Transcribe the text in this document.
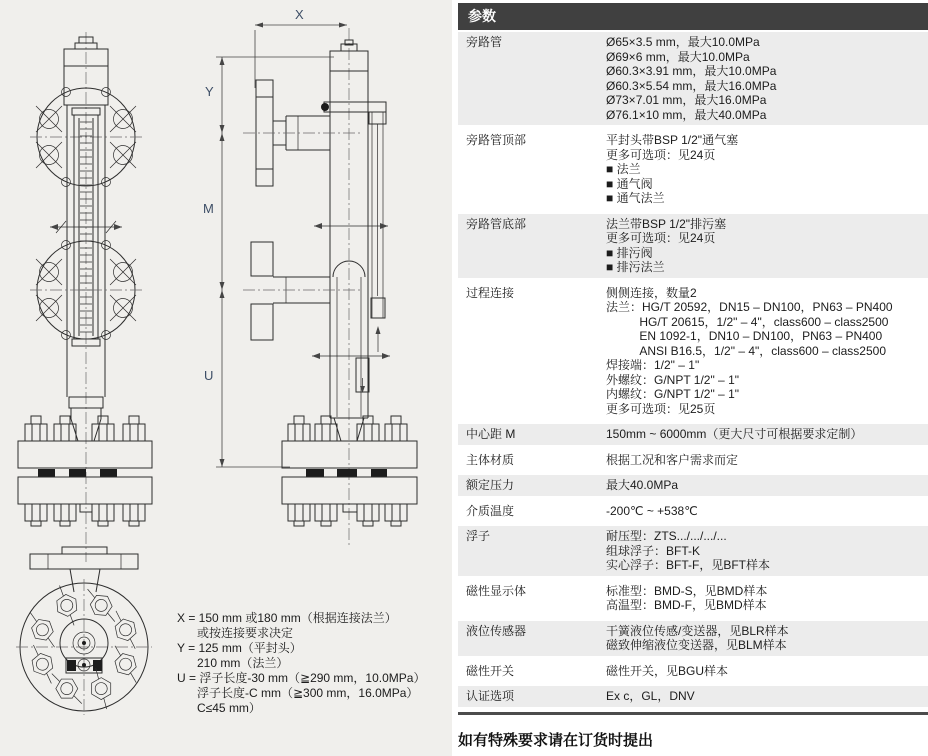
X
Y
M
U
X = 150 mm 或180 mm（根据连接法兰）
或按连接要求决定
Y = 125 mm（平封头）
210 mm（法兰）
U = 浮子长度-30 mm（≧290 mm，10.0MPa）
浮子长度-C mm（≧300 mm，16.0MPa）
C≤45 mm）
参数
旁路管	Ø65×3.5 mm，最大10.0MPa
Ø69×6 mm，最大10.0MPa
Ø60.3×3.91 mm，最大10.0MPa
Ø60.3×5.54 mm，最大16.0MPa
Ø73×7.01 mm，最大16.0MPa
Ø76.1×10 mm，最大40.0MPa
旁路管顶部	平封头带BSP 1/2"通气塞
更多可选项：见24页
■ 法兰
■ 通气阀
■ 通气法兰
旁路管底部	法兰带BSP 1/2"排污塞
更多可选项：见24页
■ 排污阀
■ 排污法兰
过程连接	侧侧连接，数量2
法兰：HG/T 20592，DN15 – DN100，PN63 – PN400
HG/T 20615，1/2" – 4"，class600 – class2500
EN 1092-1，DN10 – DN100，PN63 – PN400
ANSI B16.5，1/2" – 4"，class600 – class2500
焊接端：1/2" – 1"
外螺纹：G/NPT 1/2" – 1"
内螺纹：G/NPT 1/2" – 1"
更多可选项：见25页
中心距 M	150mm ~ 6000mm（更大尺寸可根据要求定制）
主体材质	根据工况和客户需求而定
额定压力	最大40.0MPa
介质温度	-200℃ ~ +538℃
浮子	耐压型：ZTS.../.../.../...
组球浮子：BFT-K
实心浮子：BFT-F，见BFT样本
磁性显示体	标准型：BMD-S，见BMD样本
高温型：BMD-F，见BMD样本
液位传感器	干簧液位传感/变送器，见BLR样本
磁致伸缩液位变送器，见BLM样本
磁性开关	磁性开关，见BGU样本
认证选项	Ex c，GL，DNV
如有特殊要求请在订货时提出
